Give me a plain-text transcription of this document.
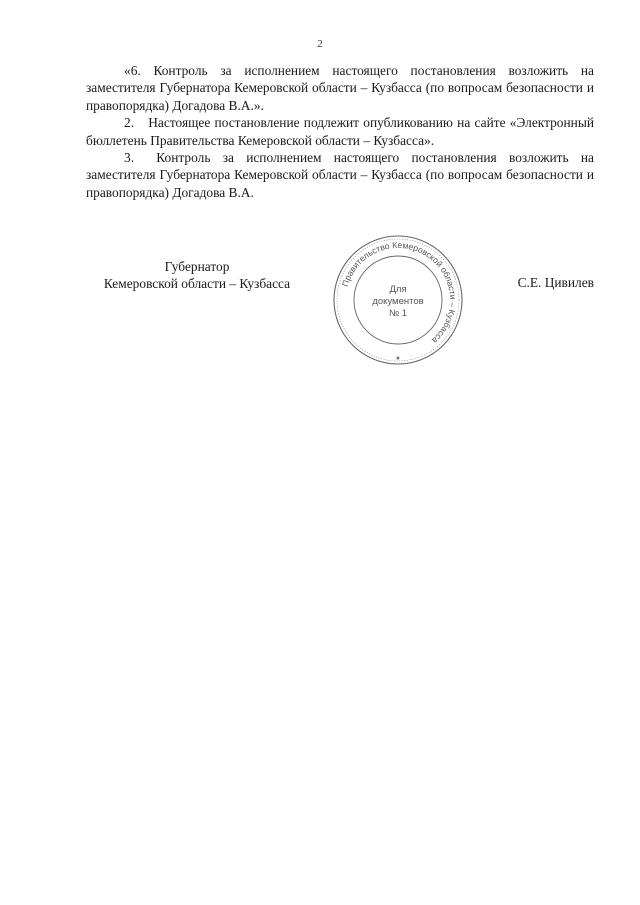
2

«6. Контроль за исполнением настоящего постановления возложить на заместителя Губернатора Кемеровской области – Кузбасса (по вопросам безопасности и правопорядка) Догадова В.А.».

2. Настоящее постановление подлежит опубликованию на сайте «Электронный бюллетень Правительства Кемеровской области – Кузбасса».

3. Контроль за исполнением настоящего постановления возложить на заместителя Губернатора Кемеровской области – Кузбасса (по вопросам безопасности и правопорядка) Догадова В.А.

Губернатор
Кемеровской области – Кузбасса	Правительство Кемеровской области – Кузбасса
Для
документов
№ 1
★
С.Е. Цивилев
